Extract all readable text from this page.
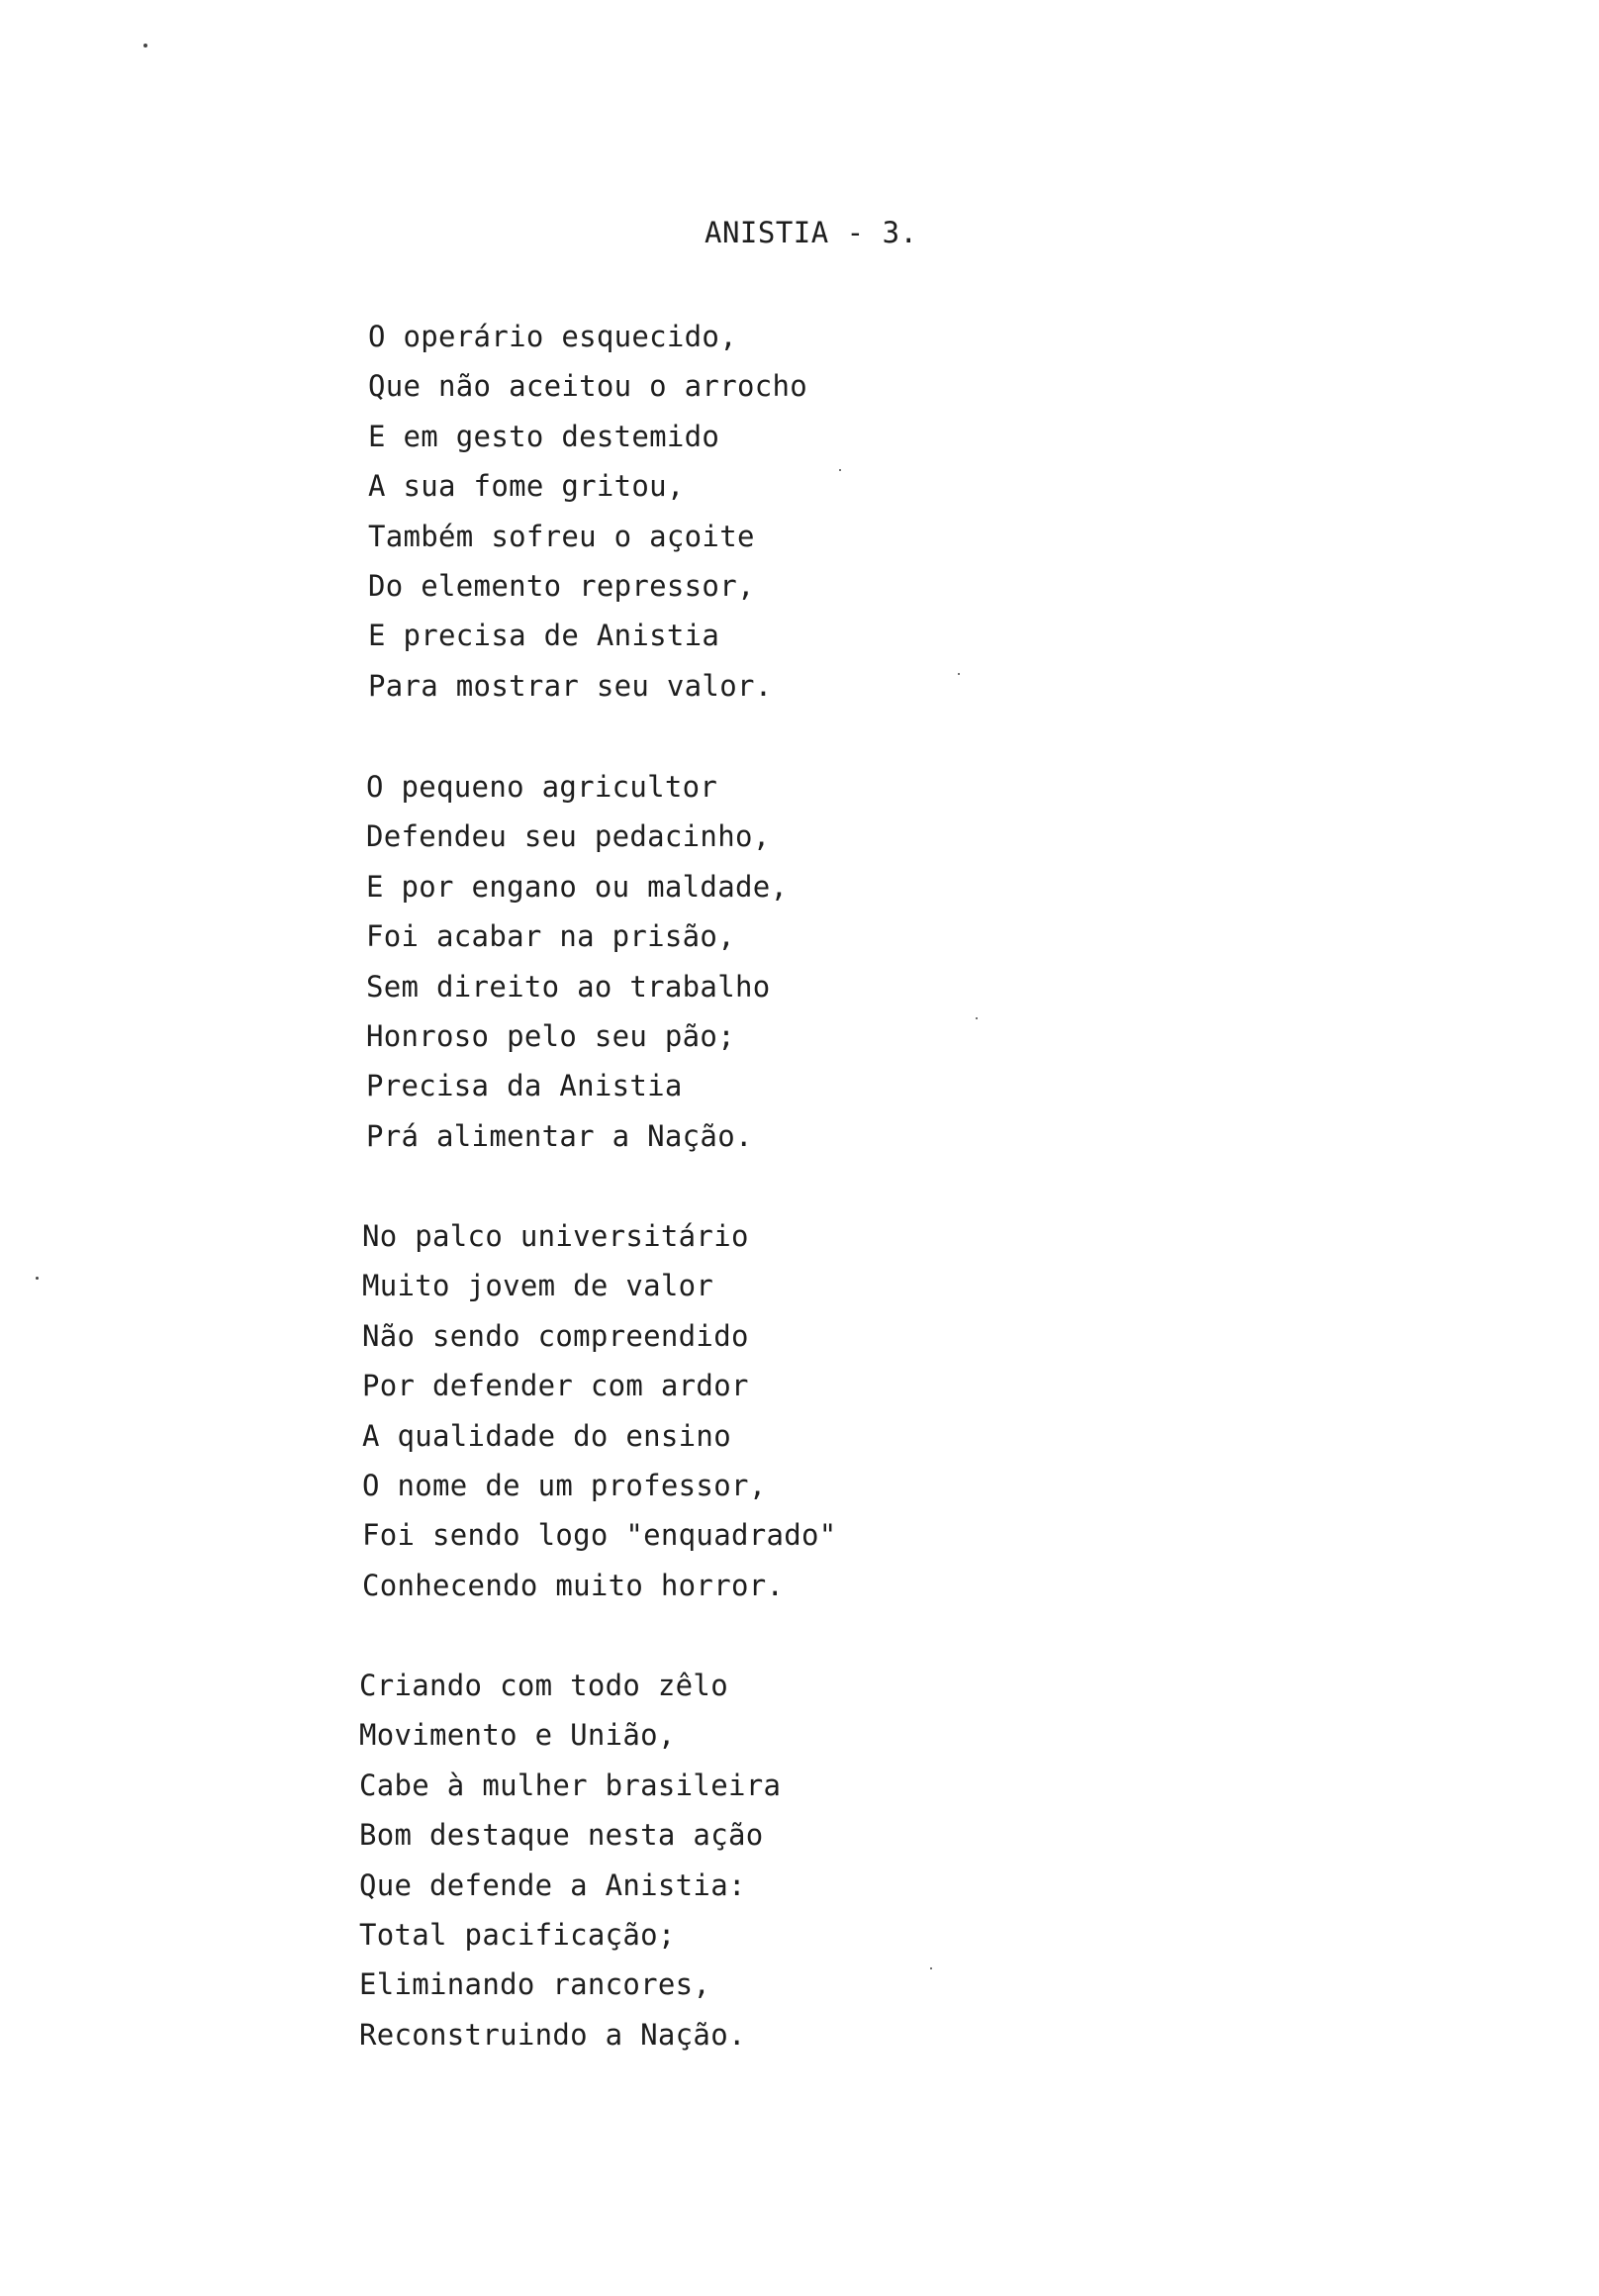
ANISTIA - 3.
O operário esquecido,
Que não aceitou o arrocho
E em gesto destemido
A sua fome gritou,
Também sofreu o açoite
Do elemento repressor,
E precisa de Anistia
Para mostrar seu valor.
O pequeno agricultor
Defendeu seu pedacinho,
E por engano ou maldade,
Foi acabar na prisão,
Sem direito ao trabalho
Honroso pelo seu pão;
Precisa da Anistia
Prá alimentar a Nação.
No palco universitário
Muito jovem de valor
Não sendo compreendido
Por defender com ardor
A qualidade do ensino
O nome de um professor,
Foi sendo logo "enquadrado"
Conhecendo muito horror.
Criando com todo zêlo
Movimento e União,
Cabe à mulher brasileira
Bom destaque nesta ação
Que defende a Anistia:
Total pacificação;
Eliminando rancores,
Reconstruindo a Nação.
